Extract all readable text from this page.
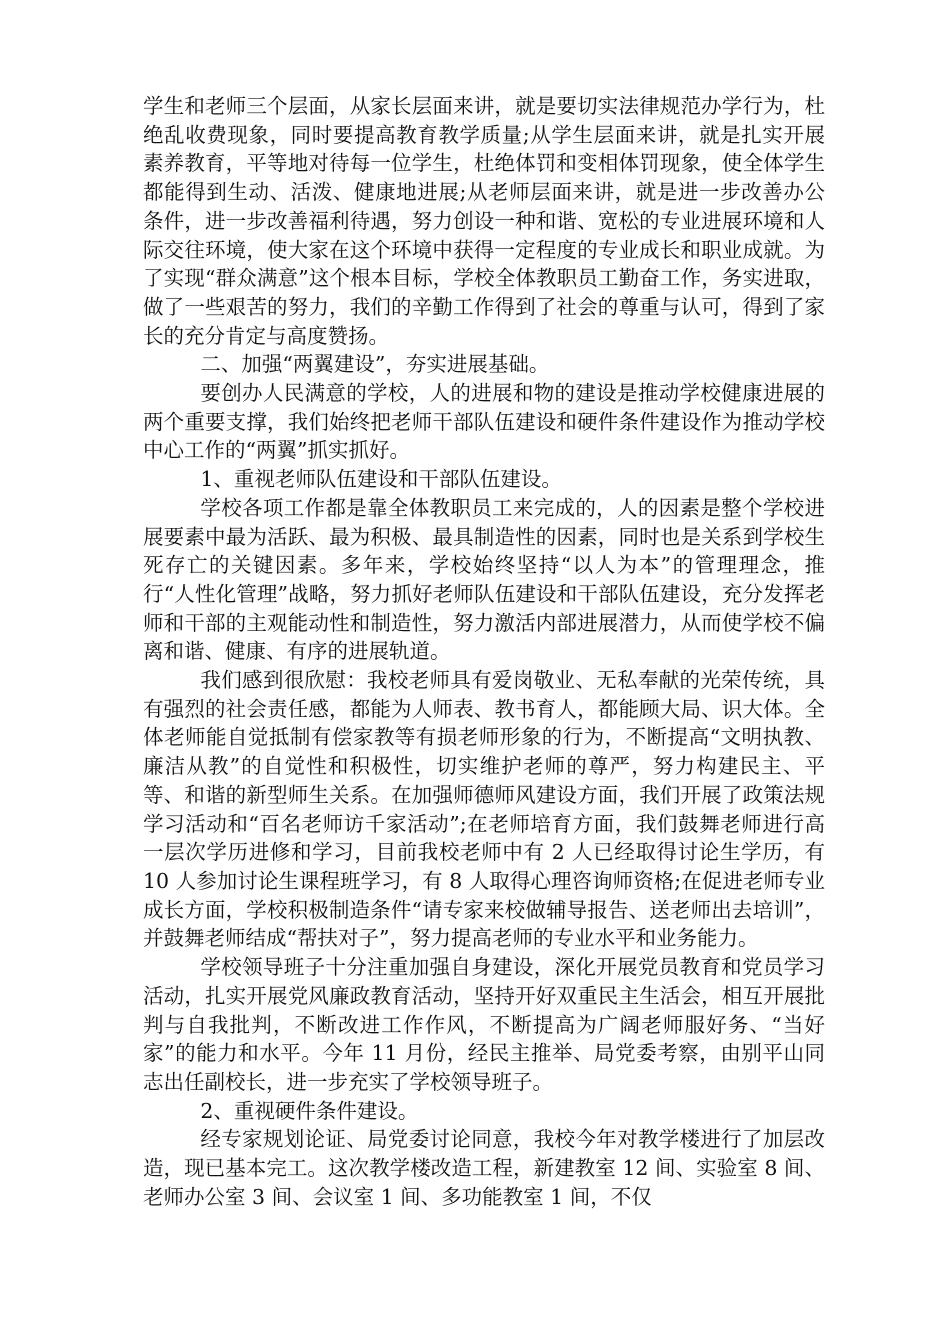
学生和老师三个层面，从家长层面来讲，就是要切实法律规范办学行为，杜绝乱收费现象，同时要提高教育教学质量;从学生层面来讲，就是扎实开展素养教育，平等地对待每一位学生，杜绝体罚和变相体罚现象，使全体学生都能得到生动、活泼、健康地进展;从老师层面来讲，就是进一步改善办公条件，进一步改善福利待遇，努力创设一种和谐、宽松的专业进展环境和人际交往环境，使大家在这个环境中获得一定程度的专业成长和职业成就。为了实现“群众满意”这个根本目标，学校全体教职员工勤奋工作，务实进取，做了一些艰苦的努力，我们的辛勤工作得到了社会的尊重与认可，得到了家长的充分肯定与高度赞扬。

二、加强“两翼建设”，夯实进展基础。

要创办人民满意的学校，人的进展和物的建设是推动学校健康进展的两个重要支撑，我们始终把老师干部队伍建设和硬件条件建设作为推动学校中心工作的“两翼”抓实抓好。

1、重视老师队伍建设和干部队伍建设。

学校各项工作都是靠全体教职员工来完成的，人的因素是整个学校进展要素中最为活跃、最为积极、最具制造性的因素，同时也是关系到学校生死存亡的关键因素。多年来，学校始终坚持“以人为本”的管理理念，推行“人性化管理”战略，努力抓好老师队伍建设和干部队伍建设，充分发挥老师和干部的主观能动性和制造性，努力激活内部进展潜力，从而使学校不偏离和谐、健康、有序的进展轨道。

我们感到很欣慰：我校老师具有爱岗敬业、无私奉献的光荣传统，具有强烈的社会责任感，都能为人师表、教书育人，都能顾大局、识大体。全体老师能自觉抵制有偿家教等有损老师形象的行为，不断提高“文明执教、廉洁从教”的自觉性和积极性，切实维护老师的尊严，努力构建民主、平等、和谐的新型师生关系。在加强师德师风建设方面，我们开展了政策法规学习活动和“百名老师访千家活动”;在老师培育方面，我们鼓舞老师进行高一层次学历进修和学习，目前我校老师中有 2 人已经取得讨论生学历，有 10 人参加讨论生课程班学习，有 8 人取得心理咨询师资格;在促进老师专业成长方面，学校积极制造条件“请专家来校做辅导报告、送老师出去培训”，并鼓舞老师结成“帮扶对子”，努力提高老师的专业水平和业务能力。

学校领导班子十分注重加强自身建设，深化开展党员教育和党员学习活动，扎实开展党风廉政教育活动，坚持开好双重民主生活会，相互开展批判与自我批判，不断改进工作作风，不断提高为广阔老师服好务、“当好家”的能力和水平。今年 11 月份，经民主推举、局党委考察，由别平山同志出任副校长，进一步充实了学校领导班子。

2、重视硬件条件建设。

经专家规划论证、局党委讨论同意，我校今年对教学楼进行了加层改造，现已基本完工。这次教学楼改造工程，新建教室 12 间、实验室 8 间、老师办公室 3 间、会议室 1 间、多功能教室 1 间，不仅
